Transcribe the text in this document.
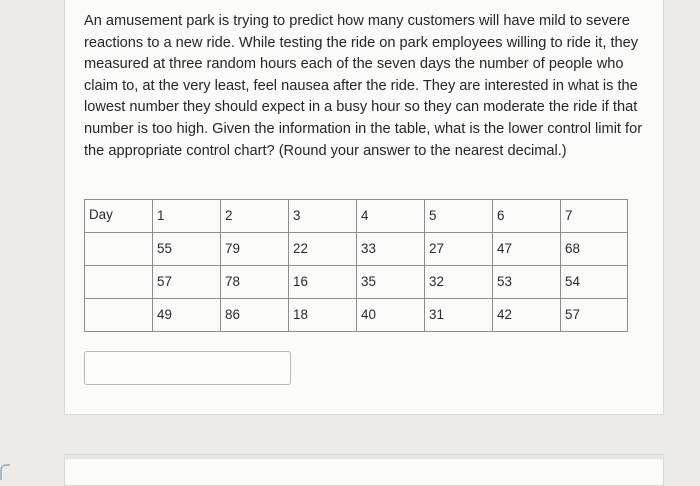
An amusement park is trying to predict how many customers will have mild to severe reactions to a new ride. While testing the ride on park employees willing to ride it, they measured at three random hours each of the seven days the number of people who claim to, at the very least, feel nausea after the ride. They are interested in what is the lowest number they should expect in a busy hour so they can moderate the ride if that number is too high. Given the information in the table, what is the lower control limit for the appropriate control chart? (Round your answer to the nearest decimal.)

Day	1	2	3	4	5	6	7
	55	79	22	33	27	47	68
	57	78	16	35	32	53	54
	49	86	18	40	31	42	57
